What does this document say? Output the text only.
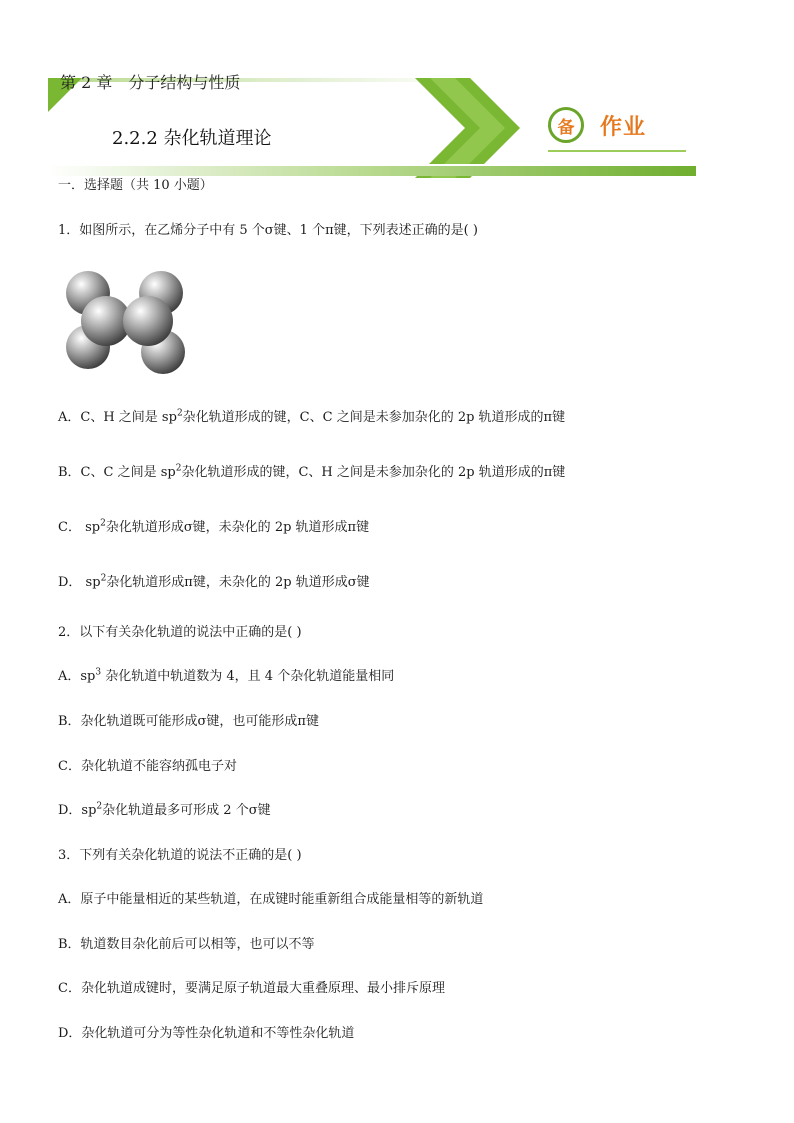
第 2 章　分子结构与性质
2.2.2 杂化轨道理论
备	作业
一．选择题（共 10 小题）
1．如图所示，在乙烯分子中有 5 个σ键、1 个π键，下列表述正确的是( )
A．C、H 之间是 $sp^2$杂化轨道形成的键，C、C 之间是未参加杂化的 2p 轨道形成的π键
B．C、C 之间是 $sp^2$杂化轨道形成的键，C、H 之间是未参加杂化的 2p 轨道形成的π键
C． $sp^2$杂化轨道形成σ键，未杂化的 2p 轨道形成π键
D． $sp^2$杂化轨道形成π键，未杂化的 2p 轨道形成σ键
2．以下有关杂化轨道的说法中正确的是( )
A．$sp^3$ 杂化轨道中轨道数为 4，且 4 个杂化轨道能量相同
B．杂化轨道既可能形成σ键，也可能形成π键
C．杂化轨道不能容纳孤电子对
D．$sp^2$杂化轨道最多可形成 2 个σ键
3．下列有关杂化轨道的说法不正确的是( )
A．原子中能量相近的某些轨道，在成键时能重新组合成能量相等的新轨道
B．轨道数目杂化前后可以相等，也可以不等
C．杂化轨道成键时，要满足原子轨道最大重叠原理、最小排斥原理
D．杂化轨道可分为等性杂化轨道和不等性杂化轨道
